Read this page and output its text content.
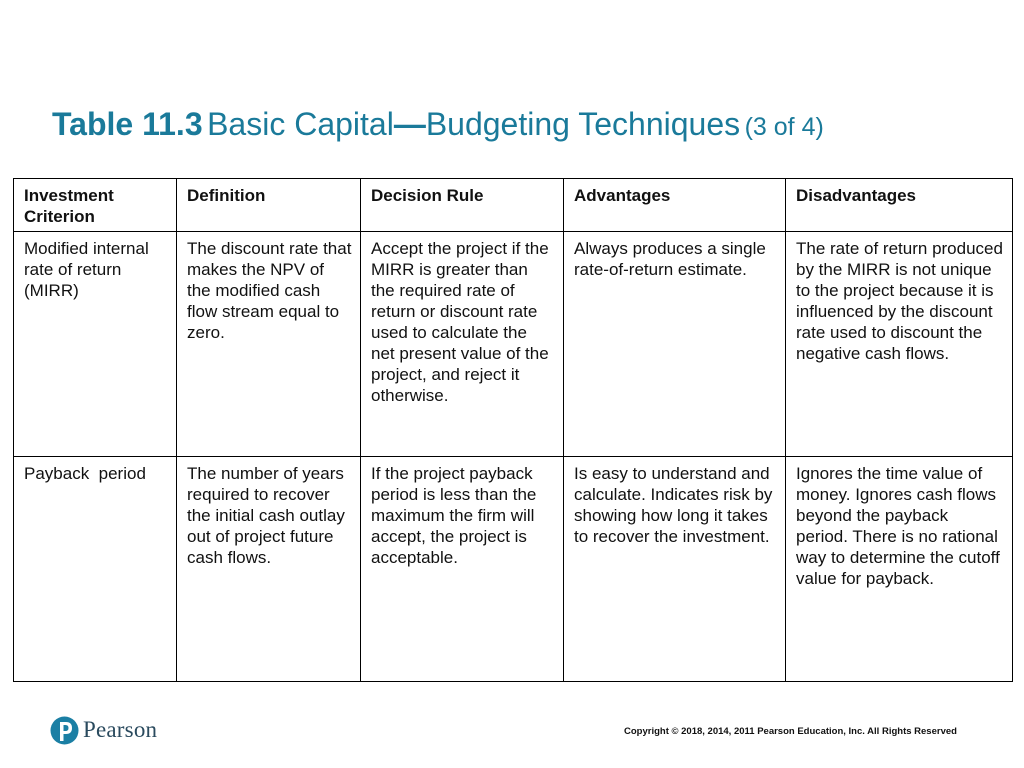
Table 11.3 Basic Capital—Budgeting Techniques (3 of 4)
Investment Criterion	Definition	Decision Rule	Advantages	Disadvantages
Modified internal rate of return (MIRR)	The discount rate that makes the NPV of the modified cash flow stream equal to zero.	Accept the project if the MIRR is greater than the required rate of return or discount rate used to calculate the net present value of the project, and reject it otherwise.	Always produces a single rate-of-return estimate.	The rate of return produced by the MIRR is not unique to the project because it is influenced by the discount rate used to discount the negative cash flows.
Payback  period	The number of years required to recover the initial cash outlay out of project future cash flows.	If the project payback period is less than the maximum the firm will accept, the project is acceptable.	Is easy to understand and calculate. Indicates risk by showing how long it takes to recover the investment.	Ignores the time value of money. Ignores cash flows beyond the payback period. There is no rational way to determine the cutoff value for payback.
Pearson	Copyright © 2018, 2014, 2011 Pearson Education, Inc. All Rights Reserved
